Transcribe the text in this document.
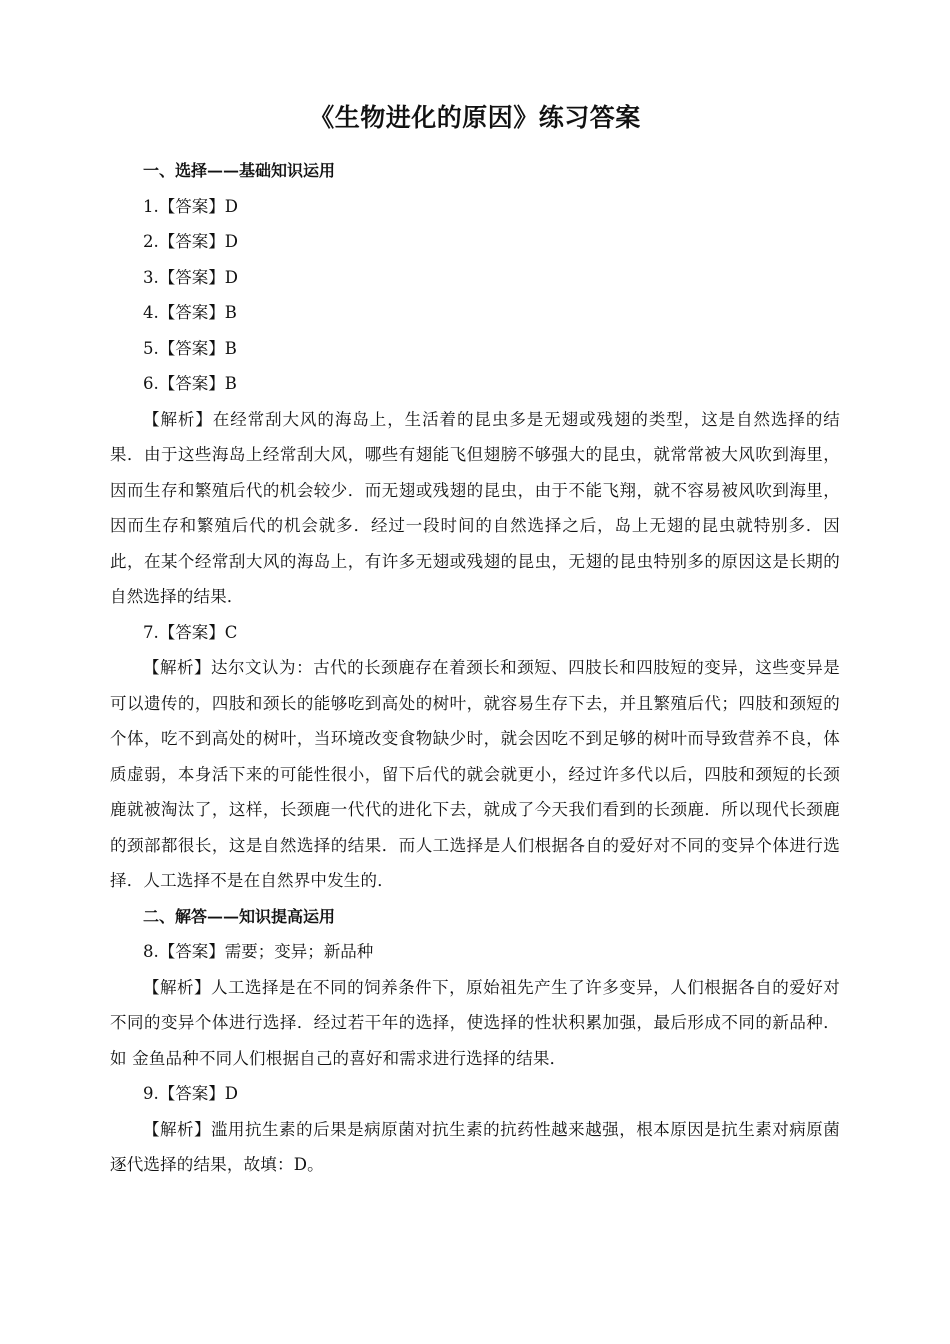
《生物进化的原因》练习答案

一、选择——基础知识运用

1.【答案】D

2.【答案】D

3.【答案】D

4.【答案】B

5.【答案】B

6.【答案】B

【解析】在经常刮大风的海岛上，生活着的昆虫多是无翅或残翅的类型，这是自然选择的结果．由于这些海岛上经常刮大风，哪些有翅能飞但翅膀不够强大的昆虫，就常常被大风吹到海里，因而生存和繁殖后代的机会较少．而无翅或残翅的昆虫，由于不能飞翔，就不容易被风吹到海里，因而生存和繁殖后代的机会就多．经过一段时间的自然选择之后，岛上无翅的昆虫就特别多．因此，在某个经常刮大风的海岛上，有许多无翅或残翅的昆虫，无翅的昆虫特别多的原因这是长期的自然选择的结果．

7.【答案】C

【解析】达尔文认为：古代的长颈鹿存在着颈长和颈短、四肢长和四肢短的变异，这些变异是可以遗传的，四肢和颈长的能够吃到高处的树叶，就容易生存下去，并且繁殖后代；四肢和颈短的个体，吃不到高处的树叶，当环境改变食物缺少时，就会因吃不到足够的树叶而导致营养不良，体质虚弱，本身活下来的可能性很小，留下后代的就会就更小，经过许多代以后，四肢和颈短的长颈鹿就被淘汰了，这样，长颈鹿一代代的进化下去，就成了今天我们看到的长颈鹿．所以现代长颈鹿的颈部都很长，这是自然选择的结果．而人工选择是人们根据各自的爱好对不同的变异个体进行选择．人工选择不是在自然界中发生的．

二、解答——知识提高运用

8.【答案】需要；变异；新品种

【解析】人工选择是在不同的饲养条件下，原始祖先产生了许多变异，人们根据各自的爱好对不同的变异个体进行选择．经过若干年的选择，使选择的性状积累加强，最后形成不同的新品种．如 金鱼品种不同人们根据自己的喜好和需求进行选择的结果．

9.【答案】D

【解析】滥用抗生素的后果是病原菌对抗生素的抗药性越来越强，根本原因是抗生素对病原菌逐代选择的结果，故填：D。
